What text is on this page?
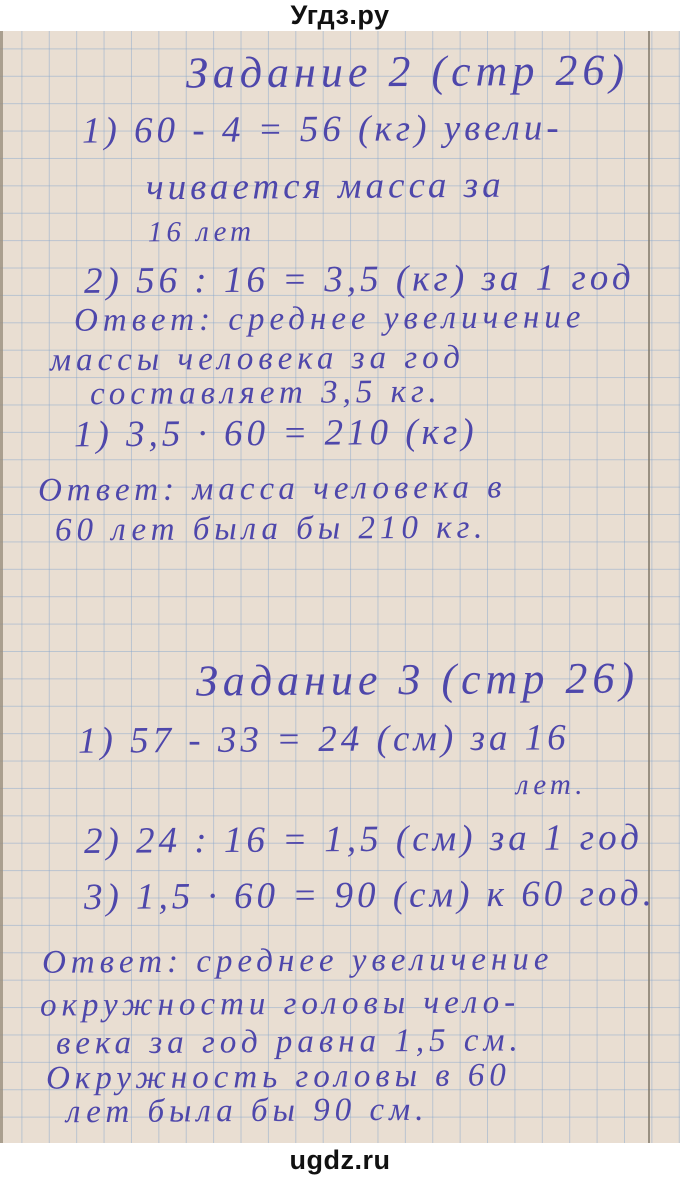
Угдз.ру
Задание 2 (стр 26)
1) 60 - 4 = 56 (кг) увели-
чивается масса за
16 лет
2) 56 : 16 = 3,5 (кг) за 1 год
Ответ: среднее увеличение
массы человека за год
составляет 3,5 кг.
1) 3,5 · 60 = 210 (кг)
Ответ: масса человека в
60 лет была бы 210 кг.
Задание 3 (стр 26)
1) 57 - 33 = 24 (см) за 16
лет.
2) 24 : 16 = 1,5 (см) за 1 год
3) 1,5 · 60 = 90 (см) к 60 год.
Ответ: среднее увеличение
окружности головы чело-
века за год равна 1,5 см.
Окружность головы в 60
лет была бы 90 см.
ugdz.ru
